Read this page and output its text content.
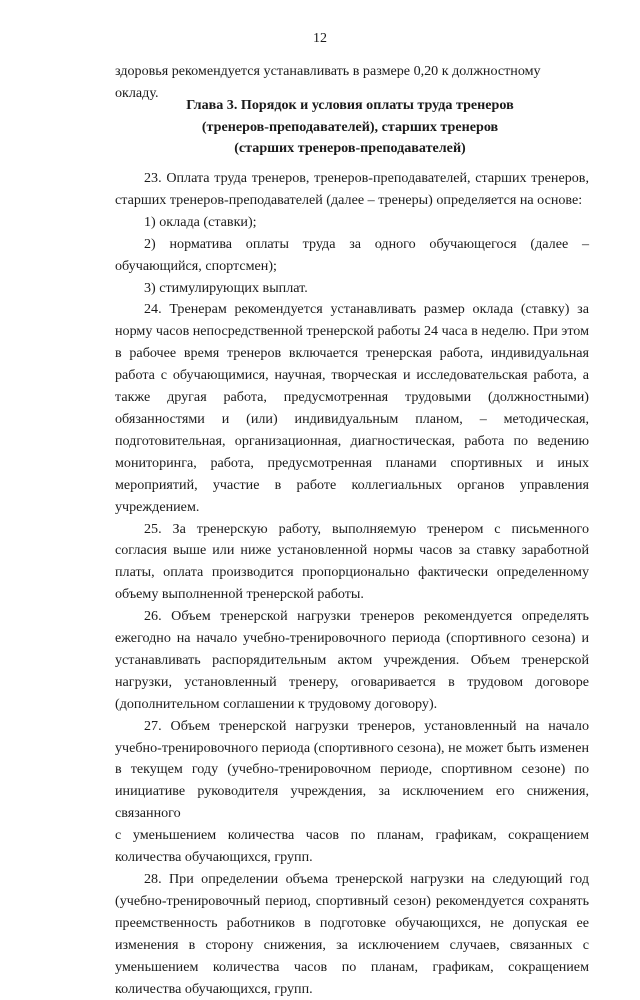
12
здоровья рекомендуется устанавливать в размере 0,20 к должностному окладу.
Глава 3. Порядок и условия оплаты труда тренеров
(тренеров-преподавателей), старших тренеров
(старших тренеров-преподавателей)

23. Оплата труда тренеров, тренеров-преподавателей, старших тренеров, старших тренеров-преподавателей (далее – тренеры) определяется на основе:

1) оклада (ставки);

2) норматива оплаты труда за одного обучающегося (далее – обучающийся, спортсмен);

3) стимулирующих выплат.

24. Тренерам рекомендуется устанавливать размер оклада (ставку) за норму часов непосредственной тренерской работы 24 часа в неделю. При этом в рабочее время тренеров включается тренерская работа, индивидуальная работа с обучающимися, научная, творческая и исследовательская работа, а также другая работа, предусмотренная трудовыми (должностными) обязанностями и (или) индивидуальным планом, – методическая, подготовительная, организационная, диагностическая, работа по ведению мониторинга, работа, предусмотренная планами спортивных и иных мероприятий, участие в работе коллегиальных органов управления учреждением.

25. За тренерскую работу, выполняемую тренером с письменного согласия выше или ниже установленной нормы часов за ставку заработной платы, оплата производится пропорционально фактически определенному объему выполненной тренерской работы.

26. Объем тренерской нагрузки тренеров рекомендуется определять ежегодно на начало учебно-тренировочного периода (спортивного сезона) и устанавливать распорядительным актом учреждения. Объем тренерской нагрузки, установленный тренеру, оговаривается в трудовом договоре (дополнительном соглашении к трудовому договору).

27. Объем тренерской нагрузки тренеров, установленный на начало учебно-тренировочного периода (спортивного сезона), не может быть изменен в текущем году (учебно-тренировочном периоде, спортивном сезоне) по инициативе руководителя учреждения, за исключением его снижения, связанного

с уменьшением количества часов по планам, графикам, сокращением количества обучающихся, групп.

28. При определении объема тренерской нагрузки на следующий год (учебно-тренировочный период, спортивный сезон) рекомендуется сохранять преемственность работников в подготовке обучающихся, не допуская ее изменения в сторону снижения, за исключением случаев, связанных с уменьшением количества часов по планам, графикам, сокращением количества обучающихся, групп.
